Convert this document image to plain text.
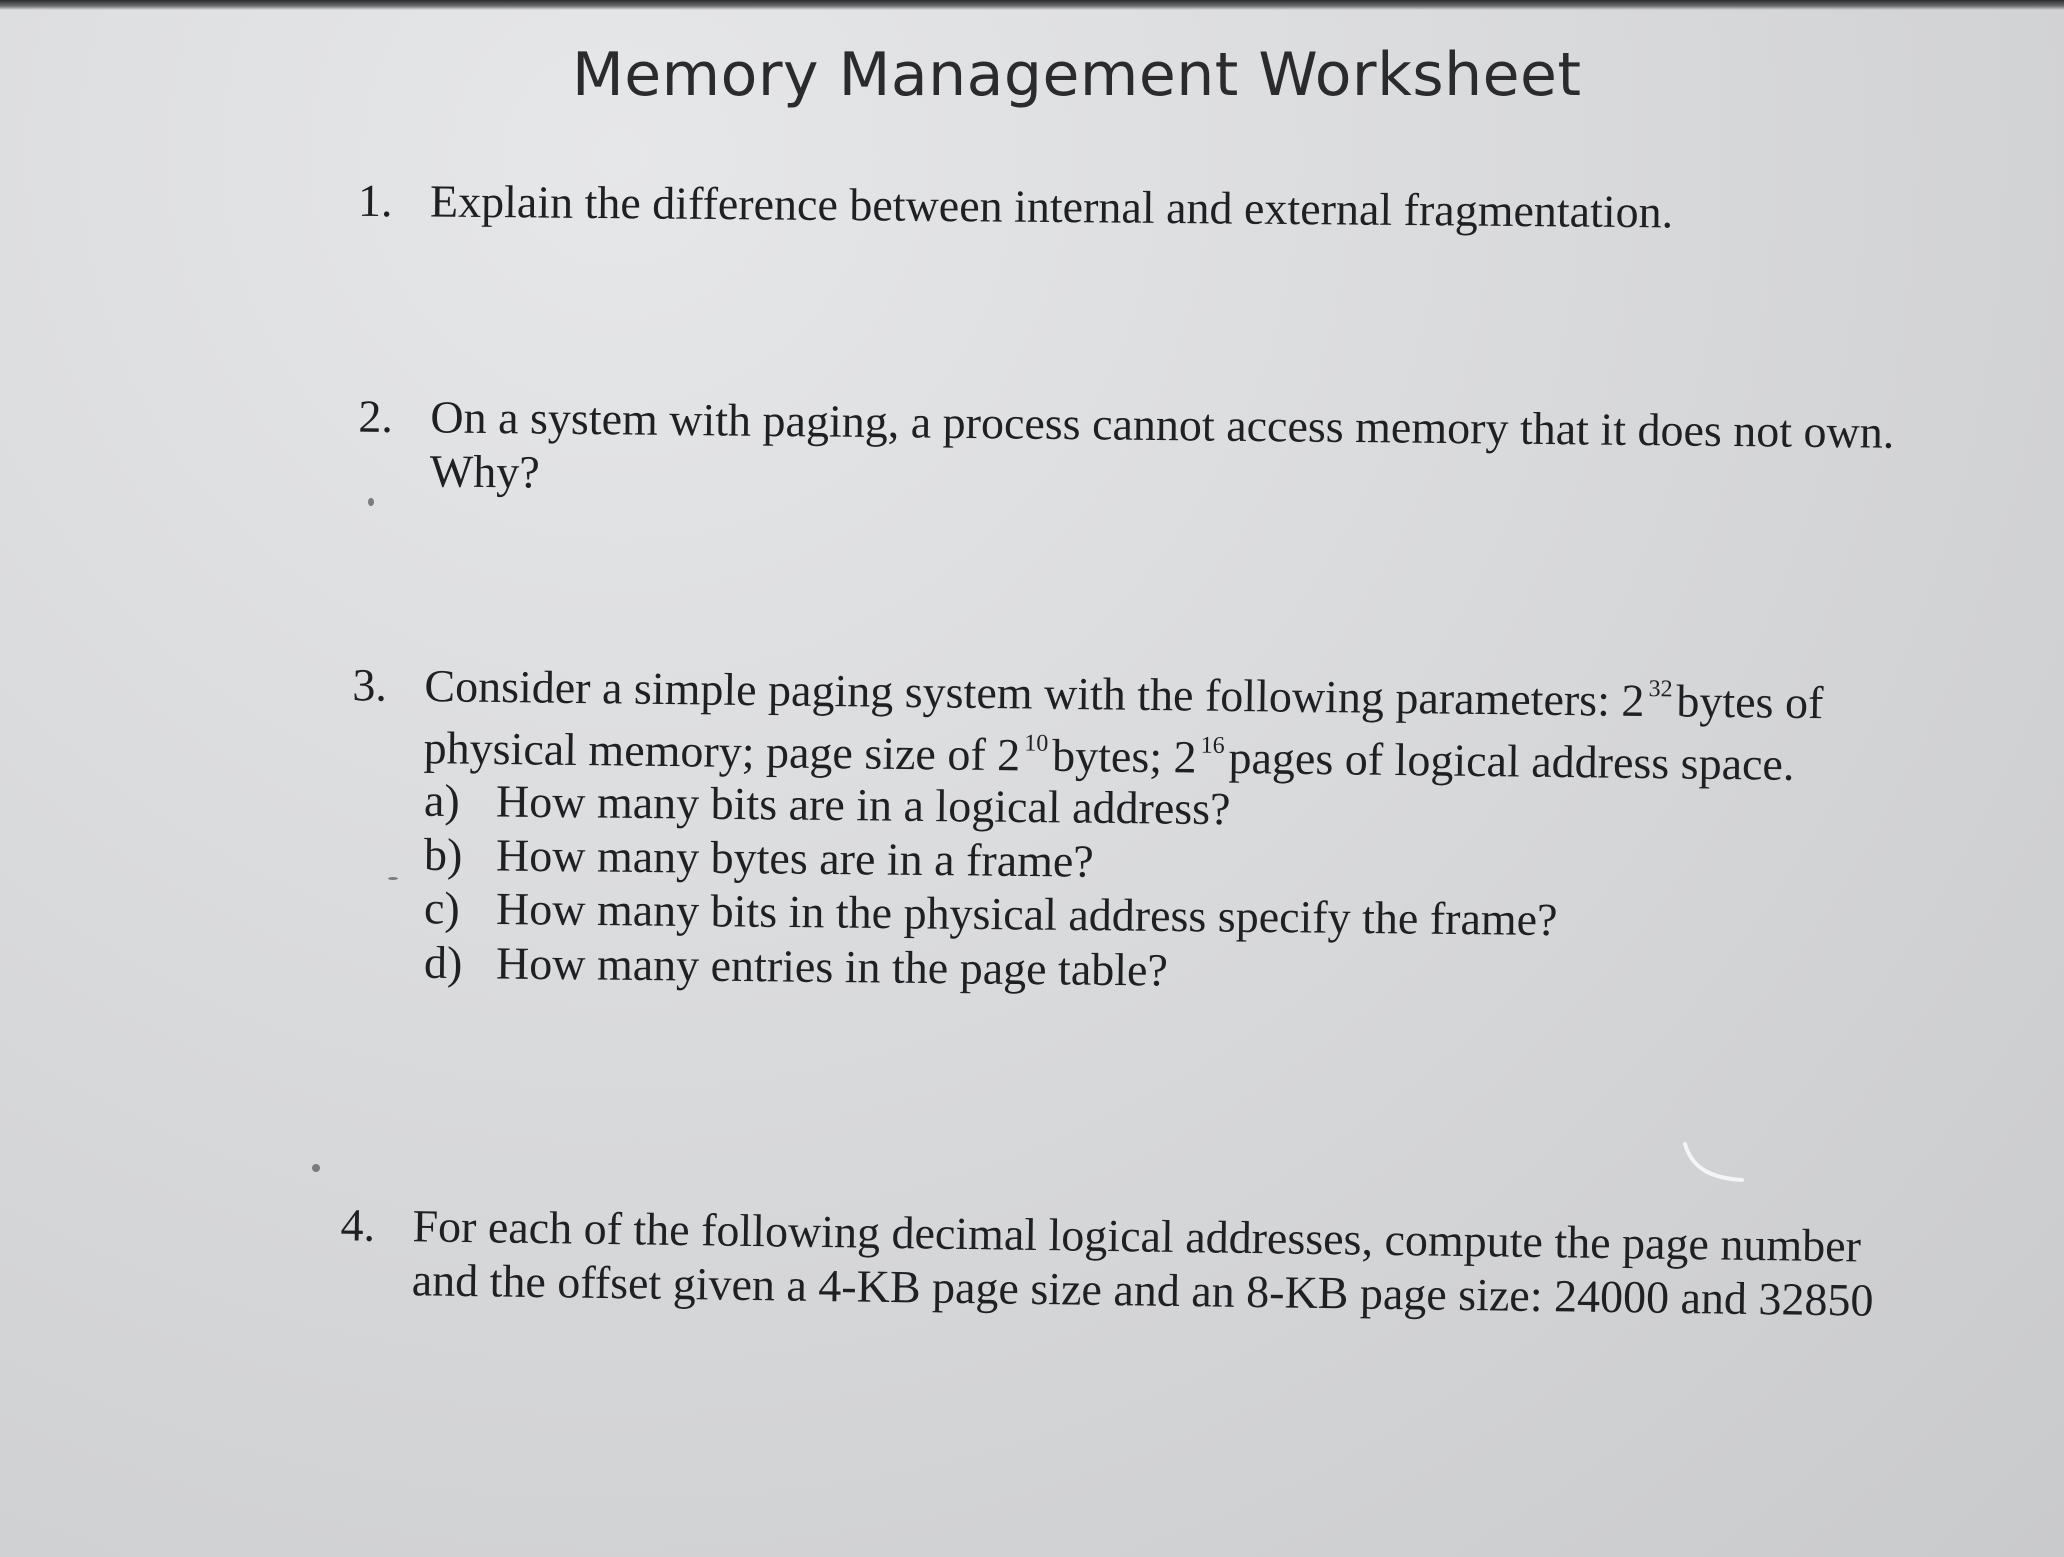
Memory Management Worksheet
1. Explain the difference between internal and external fragmentation.
2. On a system with paging, a process cannot access memory that it does not own.
Why?
3. Consider a simple paging system with the following parameters: 2 $^{32}$bytes of
physical memory; page size of 2 $^{10}$bytes; 2 $^{16}$pages of logical address space.
a) How many bits are in a logical address?
b) How many bytes are in a frame?
c) How many bits in the physical address specify the frame?
d) How many entries in the page table?
4. For each of the following decimal logical addresses, compute the page number
and the offset given a 4-KB page size and an 8-KB page size: 24000 and 32850
